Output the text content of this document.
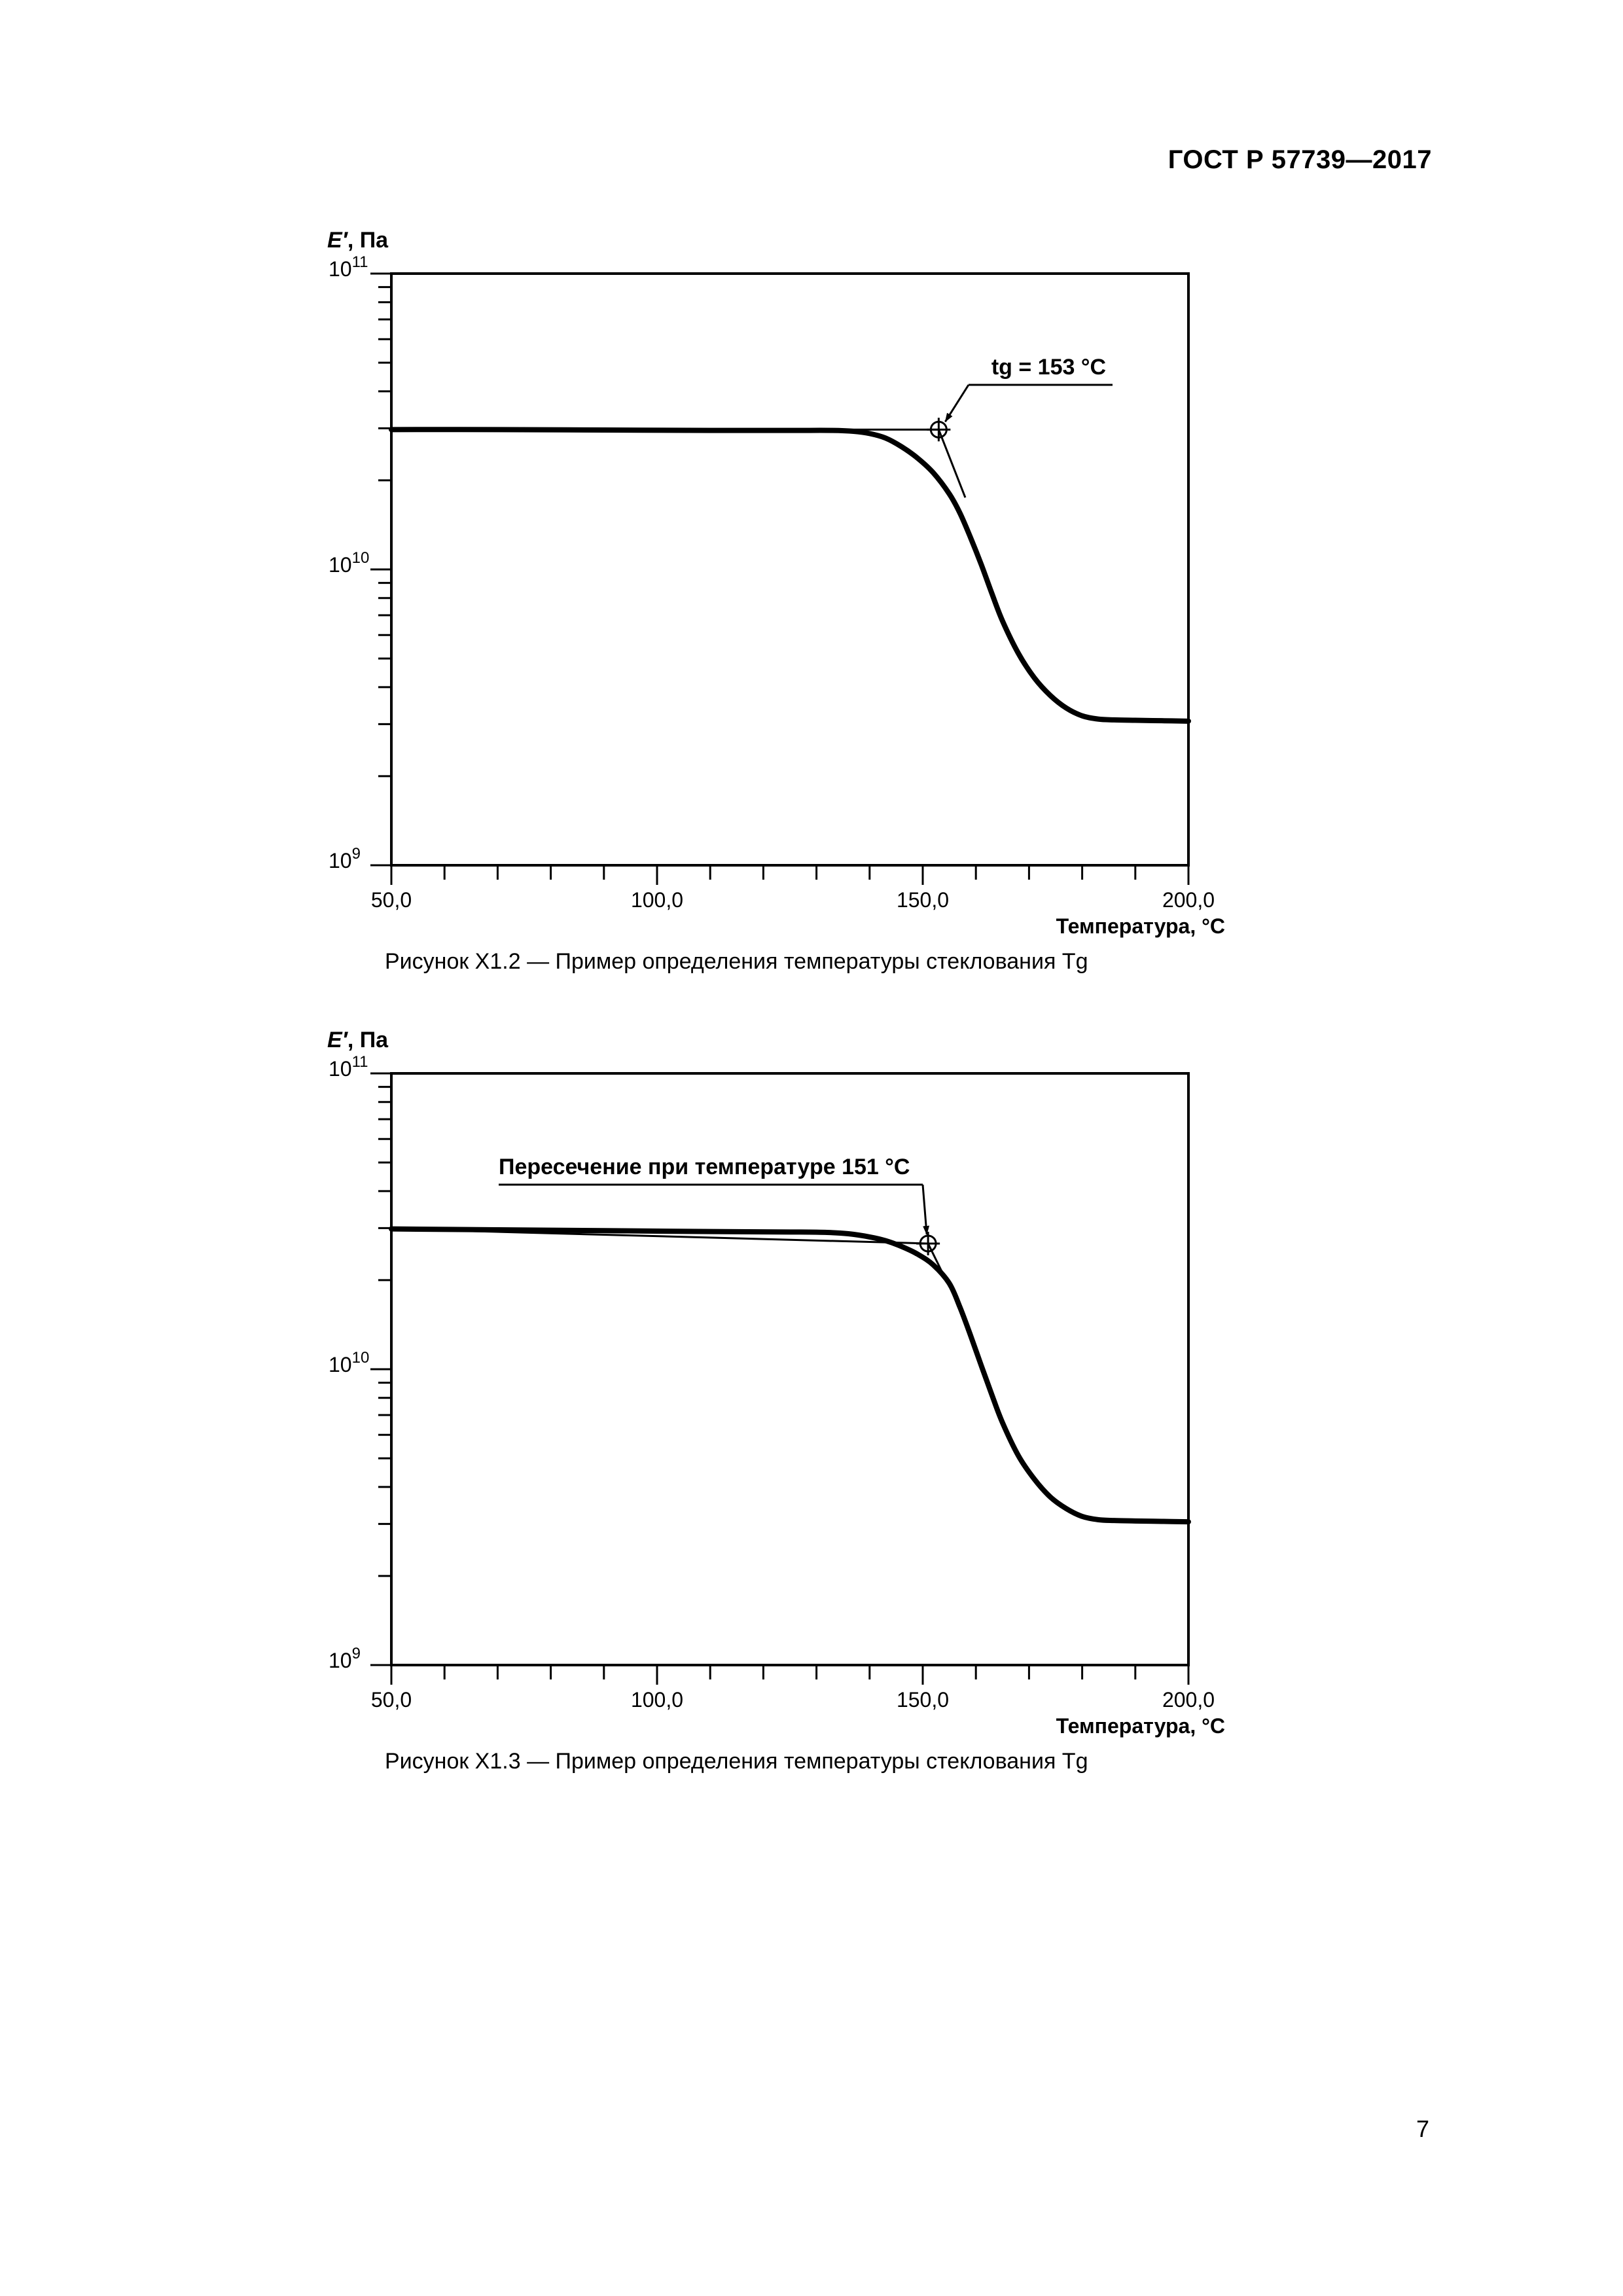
ГОСТ Р 57739—2017
E′, Па
$10^9$
$10^{10}$
$10^{11}$
50,0	100,0	150,0	200,0
Температура, °C
tg = 153 °C
Рисунок X1.2 — Пример определения температуры стеклования Tg
E′, Па
$10^9$
$10^{10}$
$10^{11}$
50,0	100,0	150,0	200,0
Температура, °C
Пересечение при температуре 151 °C
Рисунок X1.3 — Пример определения температуры стеклования Tg
7
